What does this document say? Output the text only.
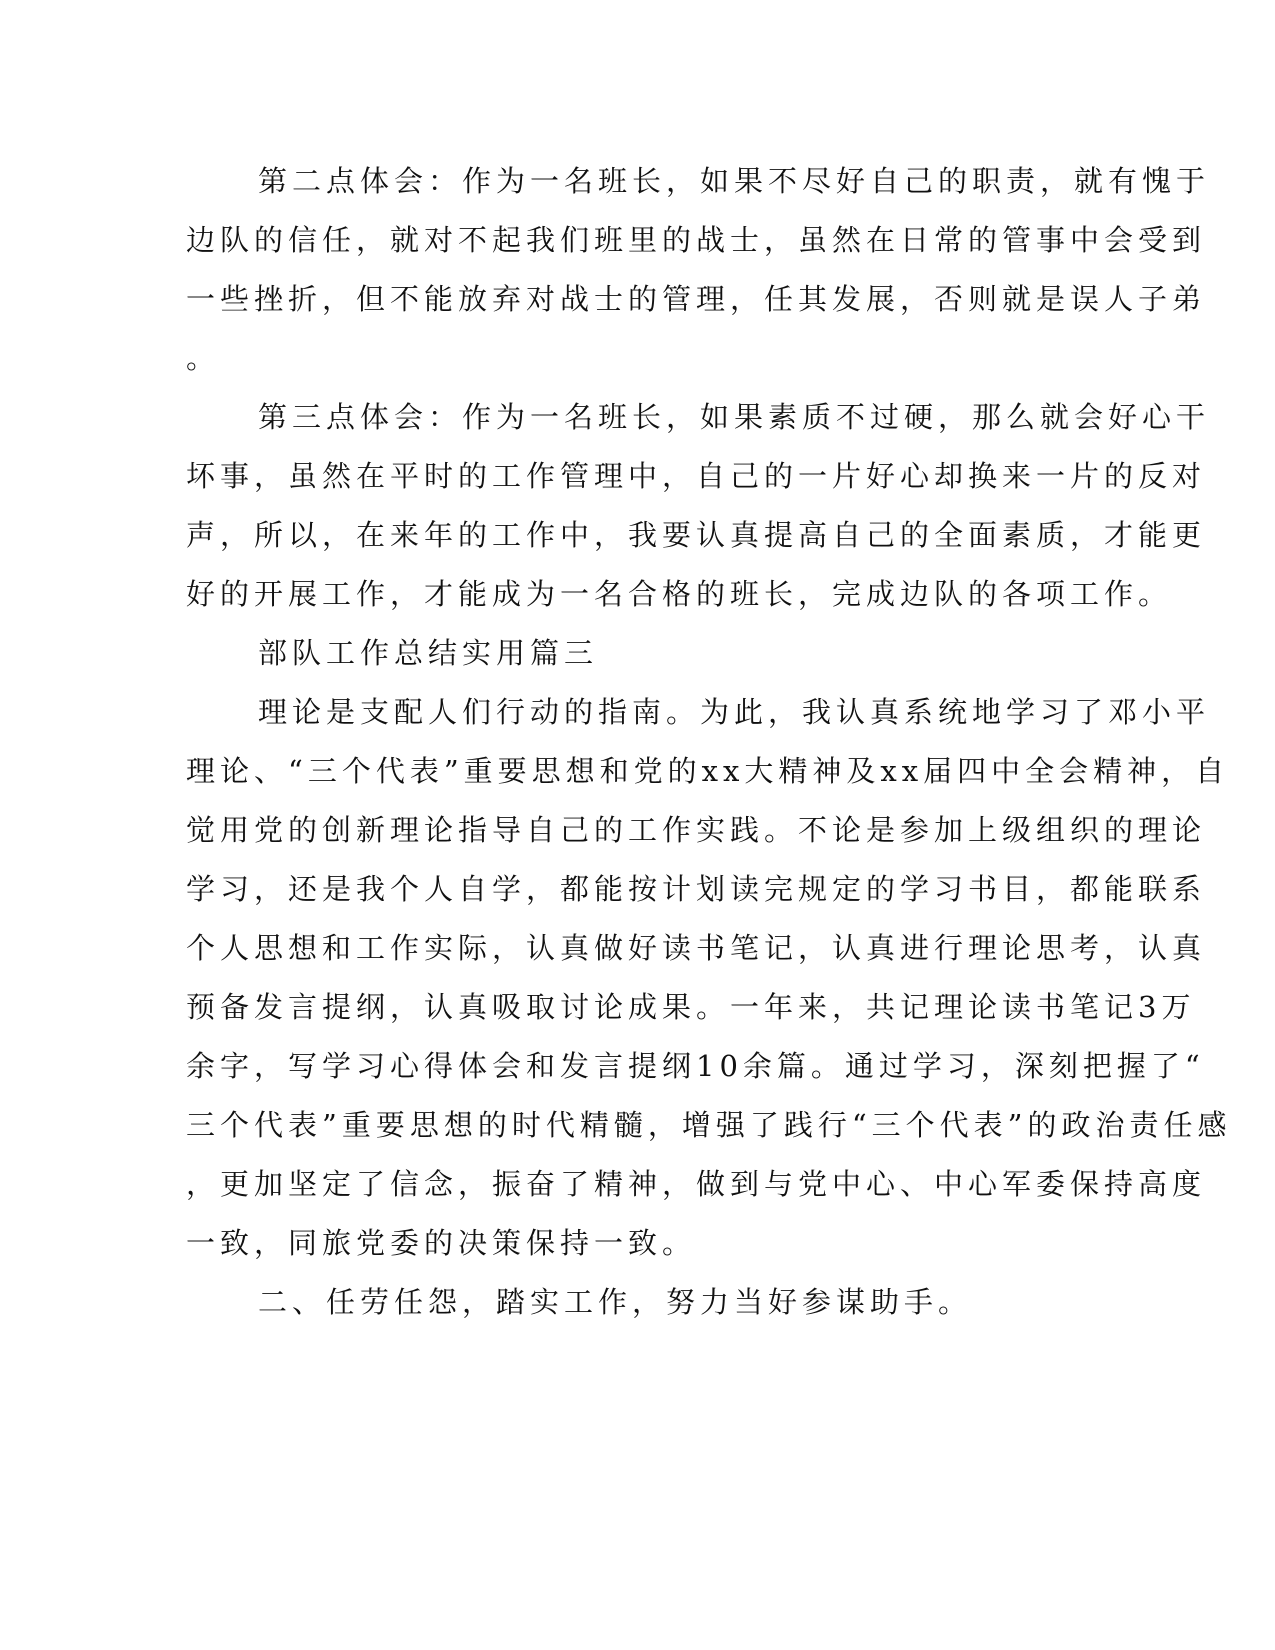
第二点体会：作为一名班长，如果不尽好自己的职责，就有愧于
边队的信任，就对不起我们班里的战士，虽然在日常的管事中会受到
一些挫折，但不能放弃对战士的管理，任其发展，否则就是误人子弟
。
第三点体会：作为一名班长，如果素质不过硬，那么就会好心干
坏事，虽然在平时的工作管理中，自己的一片好心却换来一片的反对
声，所以，在来年的工作中，我要认真提高自己的全面素质，才能更
好的开展工作，才能成为一名合格的班长，完成边队的各项工作。
部队工作总结实用篇三
理论是支配人们行动的指南。为此，我认真系统地学习了邓小平
理论、“三个代表”重要思想和党的xx大精神及xx届四中全会精神，自
觉用党的创新理论指导自己的工作实践。不论是参加上级组织的理论
学习，还是我个人自学，都能按计划读完规定的学习书目，都能联系
个人思想和工作实际，认真做好读书笔记，认真进行理论思考，认真
预备发言提纲，认真吸取讨论成果。一年来，共记理论读书笔记3万
余字，写学习心得体会和发言提纲10余篇。通过学习，深刻把握了“
三个代表”重要思想的时代精髓，增强了践行“三个代表”的政治责任感
，更加坚定了信念，振奋了精神，做到与党中心、中心军委保持高度
一致，同旅党委的决策保持一致。
二、任劳任怨，踏实工作，努力当好参谋助手。
